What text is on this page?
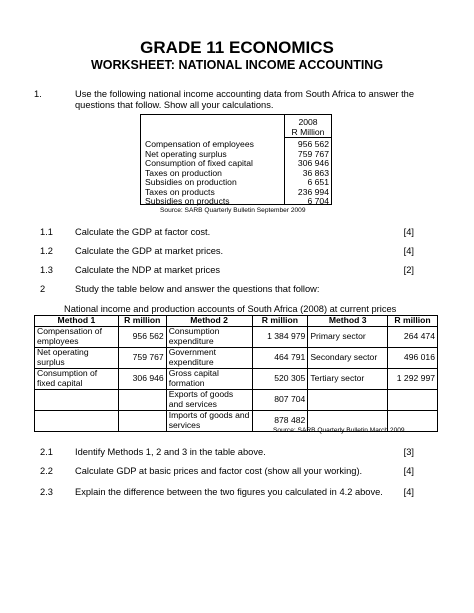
GRADE 11 ECONOMICS
WORKSHEET: NATIONAL INCOME ACCOUNTING
1.	Use the following national income accounting data from South Africa to answer the
questions that follow. Show all your calculations.
2008
R Million
Compensation of employees	956 562
Net operating surplus	759 767
Consumption of fixed capital	306 946
Taxes on production	36 863
Subsidies on production	6 651
Taxes on products	236 994
Subsidies on products	6 704
Source: SARB Quarterly Bulletin September 2009
1.1 Calculate the GDP at factor cost.	[4]
1.2 Calculate the GDP at market prices.	[4]
1.3 Calculate the NDP at market prices	[2]
2	Study the table below and answer the questions that follow:
National income and production accounts of South Africa (2008) at current prices
Method 1	R million	Method 2	R million	Method 3	R million
Compensation of employees	956 562	Consumption expenditure	1 384 979	Primary sector	264 474
Net operating surplus	759 767	Government expenditure	464 791	Secondary sector	496 016
Consumption of fixed capital	306 946	Gross capital formation	520 305	Tertiary sector	1 292 997
		Exports of goods and services	807 704		
		Imports of goods and services	878 482		
Source: SARB Quarterly Bulletin March 2009
2.1 Identify Methods 1, 2 and 3 in the table above.	[3]
2.2 Calculate GDP at basic prices and factor cost (show all your working).	[4]
2.3 Explain the difference between the two figures you calculated in 4.2 above.	[4]
